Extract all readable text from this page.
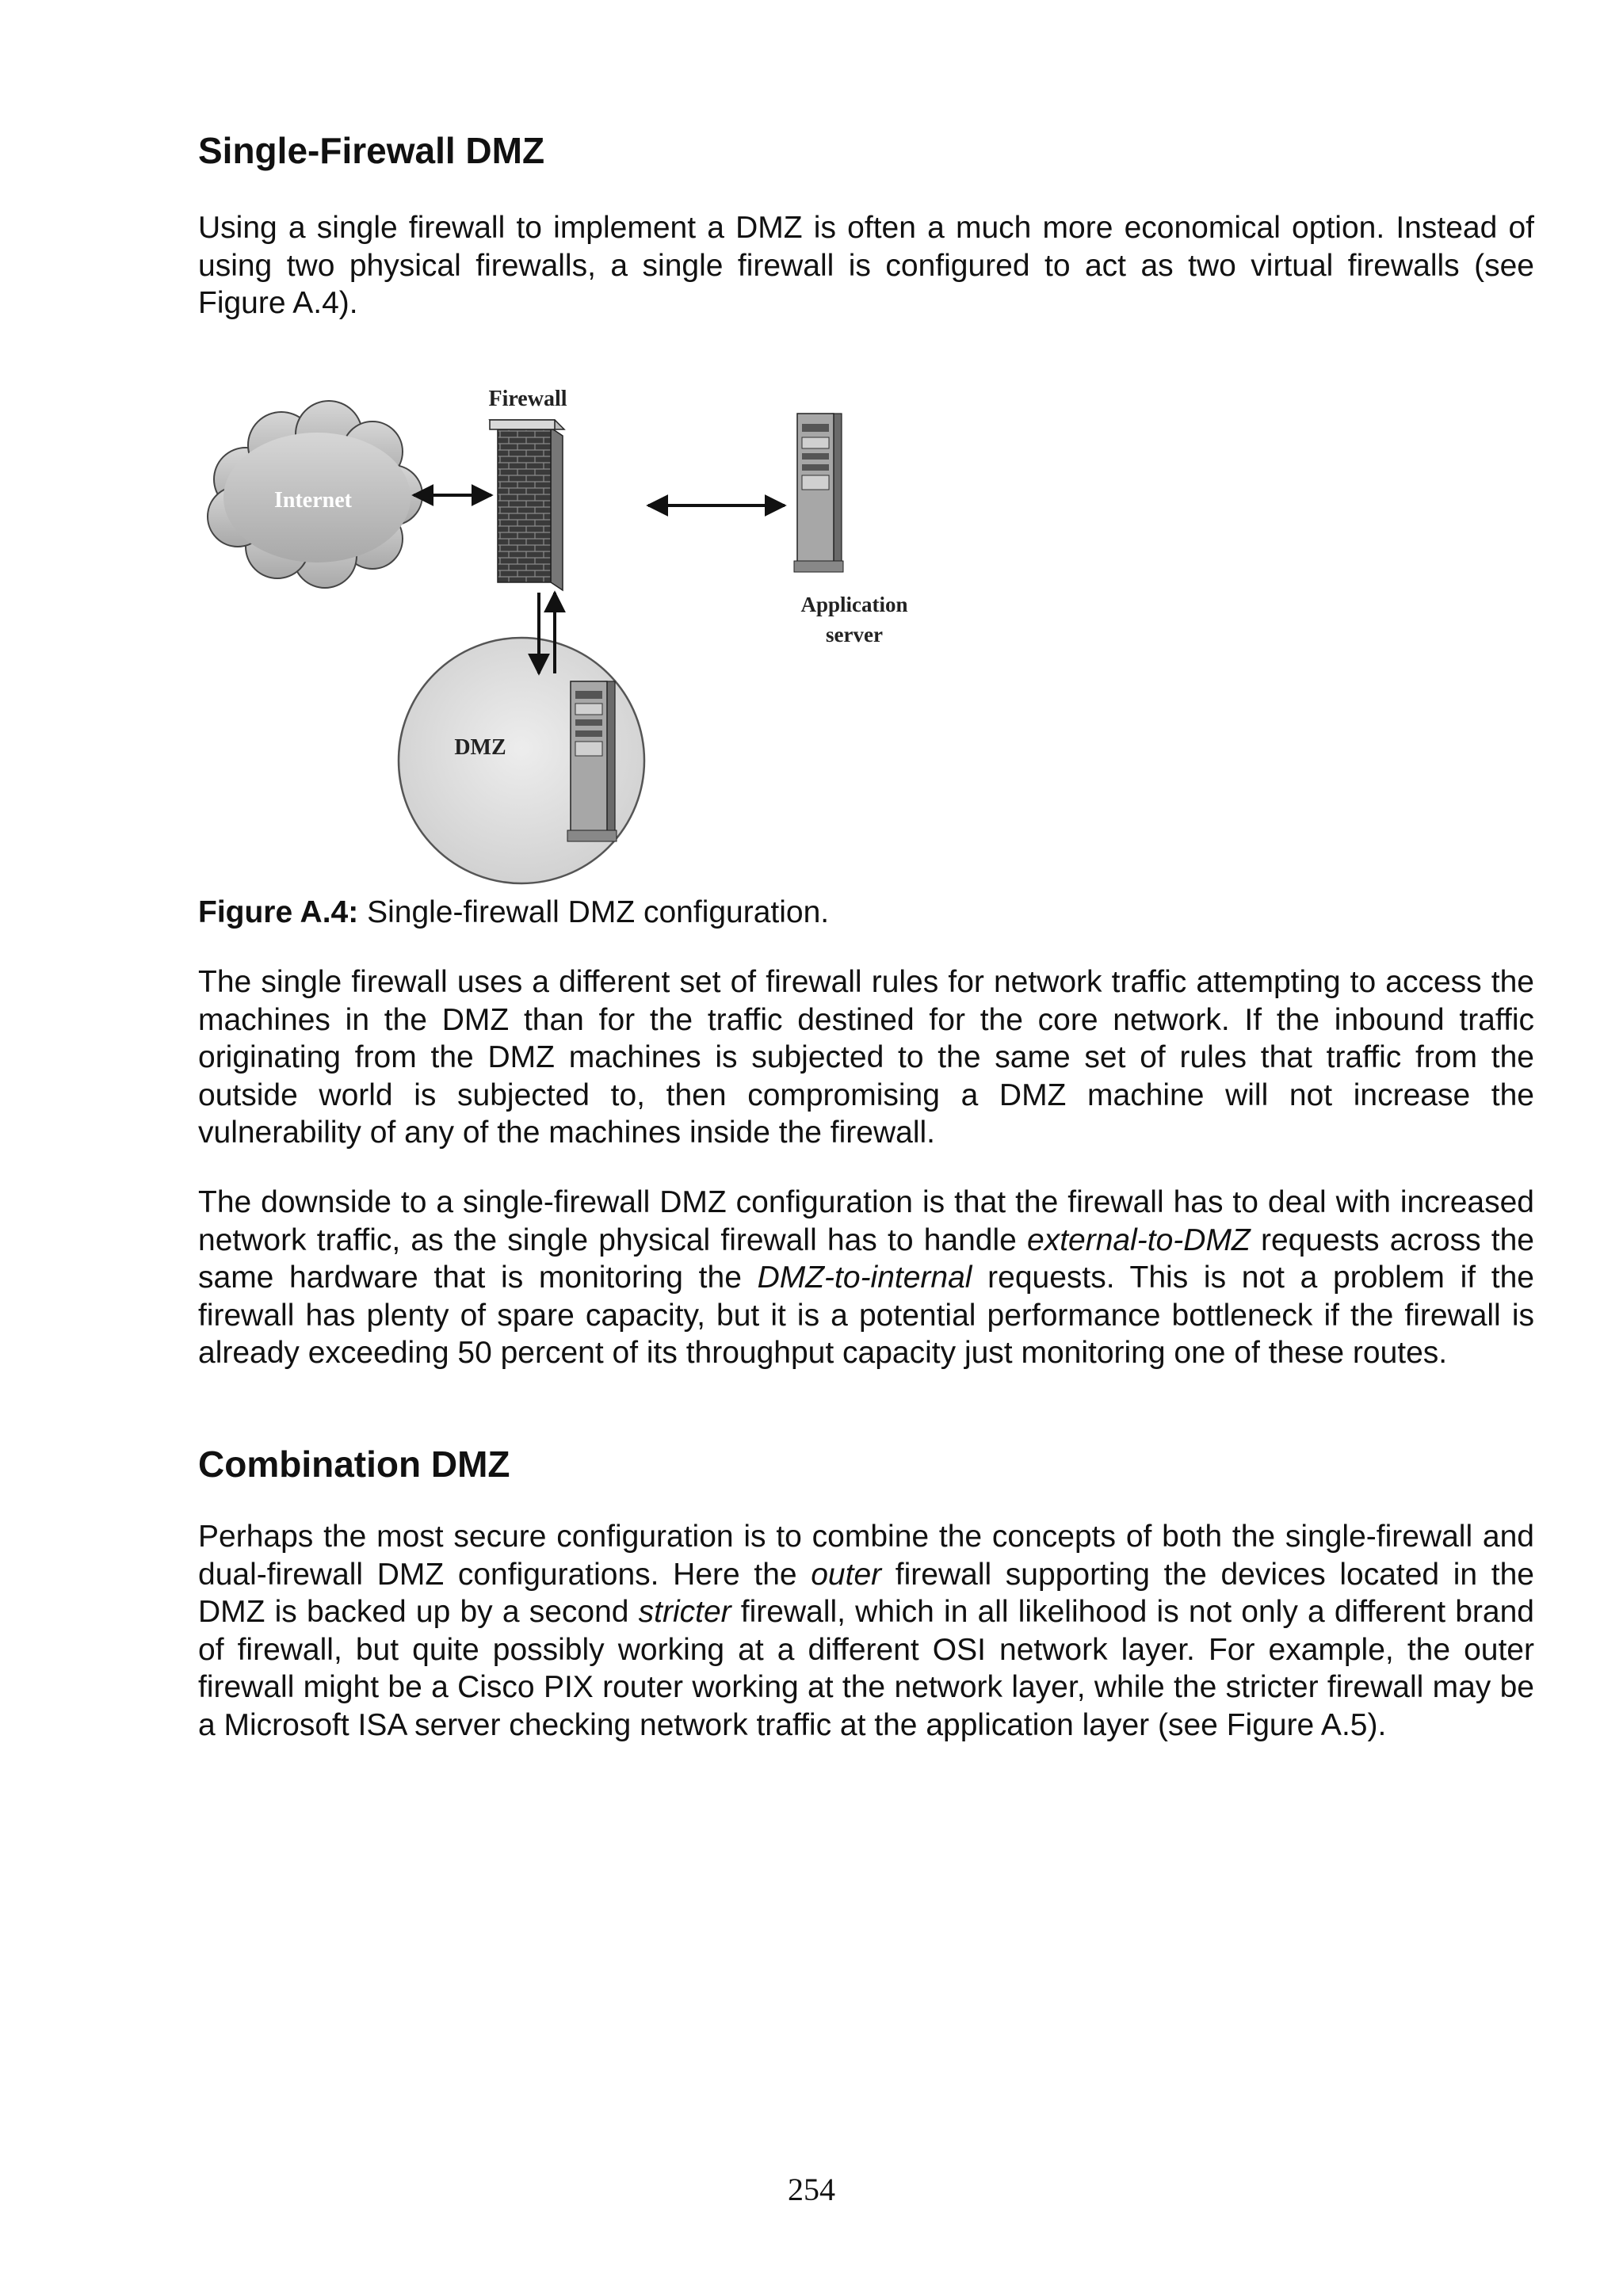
Single-Firewall DMZ

Using a single firewall to implement a DMZ is often a much more economical option. Instead of using two physical firewalls, a single firewall is configured to act as two virtual firewalls (see Figure A.4).

Internet
DMZ
Firewall
Application
server

Figure A.4: Single-firewall DMZ configuration.

The single firewall uses a different set of firewall rules for network traffic attempting to access the machines in the DMZ than for the traffic destined for the core network. If the inbound traffic originating from the DMZ machines is subjected to the same set of rules that traffic from the outside world is subjected to, then compromising a DMZ machine will not increase the vulnerability of any of the machines inside the firewall.

The downside to a single-firewall DMZ configuration is that the firewall has to deal with increased network traffic, as the single physical firewall has to handle external-to-DMZ requests across the same hardware that is monitoring the DMZ-to-internal requests. This is not a problem if the firewall has plenty of spare capacity, but it is a potential performance bottleneck if the firewall is already exceeding 50 percent of its throughput capacity just monitoring one of these routes.

Combination DMZ

Perhaps the most secure configuration is to combine the concepts of both the single-firewall and dual-firewall DMZ configurations. Here the outer firewall supporting the devices located in the DMZ is backed up by a second stricter firewall, which in all likelihood is not only a different brand of firewall, but quite possibly working at a different OSI network layer. For example, the outer firewall might be a Cisco PIX router working at the network layer, while the stricter firewall may be a Microsoft ISA server checking network traffic at the application layer (see Figure A.5).

254
